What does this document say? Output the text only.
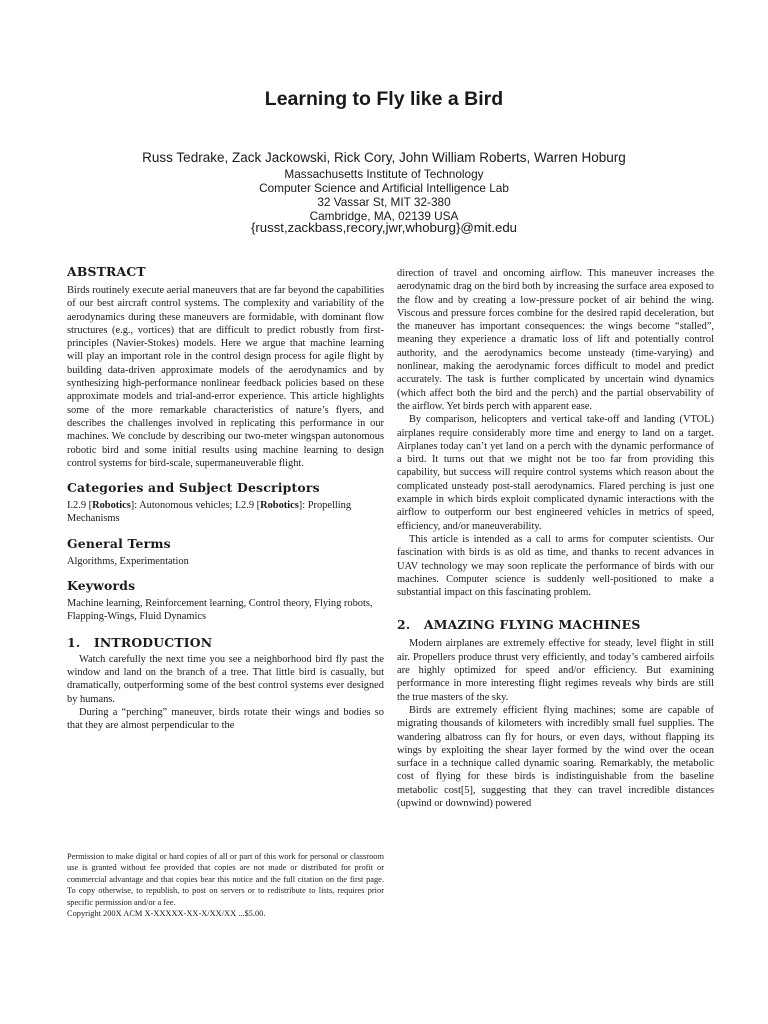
Learning to Fly like a Bird
Russ Tedrake, Zack Jackowski, Rick Cory, John William Roberts, Warren Hoburg
Massachusetts Institute of Technology
Computer Science and Artificial Intelligence Lab
32 Vassar St, MIT 32-380
Cambridge, MA, 02139 USA
{russt,zackbass,recory,jwr,whoburg}@mit.edu
ABSTRACT

Birds routinely execute aerial maneuvers that are far beyond the capabilities of our best aircraft control systems. The complexity and variability of the aerodynamics during these maneuvers are formidable, with dominant flow structures (e.g., vortices) that are difficult to predict robustly from first-principles (Navier-Stokes) models. Here we argue that machine learning will play an important role in the control design process for agile flight by building data-driven approximate models of the aerodynamics and by synthesizing high-performance nonlinear feedback policies based on these approximate models and trial-and-error experience. This article highlights some of the more remarkable characteristics of nature’s flyers, and describes the challenges involved in replicating this performance in our machines. We conclude by describing our two-meter wingspan autonomous robotic bird and some initial results using machine learning to design control systems for bird-scale, supermaneuverable flight.

Categories and Subject Descriptors

I.2.9 [Robotics]: Autonomous vehicles; I.2.9 [Robotics]: Propelling Mechanisms

General Terms

Algorithms, Experimentation

Keywords

Machine learning, Reinforcement learning, Control theory, Flying robots, Flapping-Wings, Fluid Dynamics

1.   INTRODUCTION

Watch carefully the next time you see a neighborhood bird fly past the window and land on the branch of a tree. That little bird is casually, but dramatically, outperforming some of the best control systems ever designed by humans.

During a “perching” maneuver, birds rotate their wings and bodies so that they are almost perpendicular to the

Permission to make digital or hard copies of all or part of this work for personal or classroom use is granted without fee provided that copies are not made or distributed for profit or commercial advantage and that copies bear this notice and the full citation on the first page. To copy otherwise, to republish, to post on servers or to redistribute to lists, requires prior specific permission and/or a fee.
Copyright 200X ACM X-XXXXX-XX-X/XX/XX ...$5.00.

direction of travel and oncoming airflow. This maneuver increases the aerodynamic drag on the bird both by increasing the surface area exposed to the flow and by creating a low-pressure pocket of air behind the wing. Viscous and pressure forces combine for the desired rapid deceleration, but the maneuver has important consequences: the wings become “stalled”, meaning they experience a dramatic loss of lift and potentially control authority, and the aerodynamics become unsteady (time-varying) and nonlinear, making the aerodynamic forces difficult to model and predict accurately. The task is further complicated by uncertain wind dynamics (which affect both the bird and the perch) and the partial observability of the airflow. Yet birds perch with apparent ease.

By comparison, helicopters and vertical take-off and landing (VTOL) airplanes require considerably more time and energy to land on a target. Airplanes today can’t yet land on a perch with the dynamic performance of a bird. It turns out that we might not be too far from providing this capability, but success will require control systems which reason about the complicated unsteady post-stall aerodynamics. Flared perching is just one example in which birds exploit complicated dynamic interactions with the airflow to outperform our best engineered vehicles in metrics of speed, efficiency, and/or maneuverability.

This article is intended as a call to arms for computer scientists. Our fascination with birds is as old as time, and thanks to recent advances in UAV technology we may soon replicate the performance of birds with our machines. Computer science is suddenly well-positioned to make a substantial impact on this fascinating problem.

2.   AMAZING FLYING MACHINES

Modern airplanes are extremely effective for steady, level flight in still air. Propellers produce thrust very efficiently, and today’s cambered airfoils are highly optimized for speed and/or efficiency. But examining performance in more interesting flight regimes reveals why birds are still the true masters of the sky.

Birds are extremely efficient flying machines; some are capable of migrating thousands of kilometers with incredibly small fuel supplies. The wandering albatross can fly for hours, or even days, without flapping its wings by exploiting the shear layer formed by the wind over the ocean surface in a technique called dynamic soaring. Remarkably, the metabolic cost of flying for these birds is indistinguishable from the baseline metabolic cost[5], suggesting that they can travel incredible distances (upwind or downwind) powered
